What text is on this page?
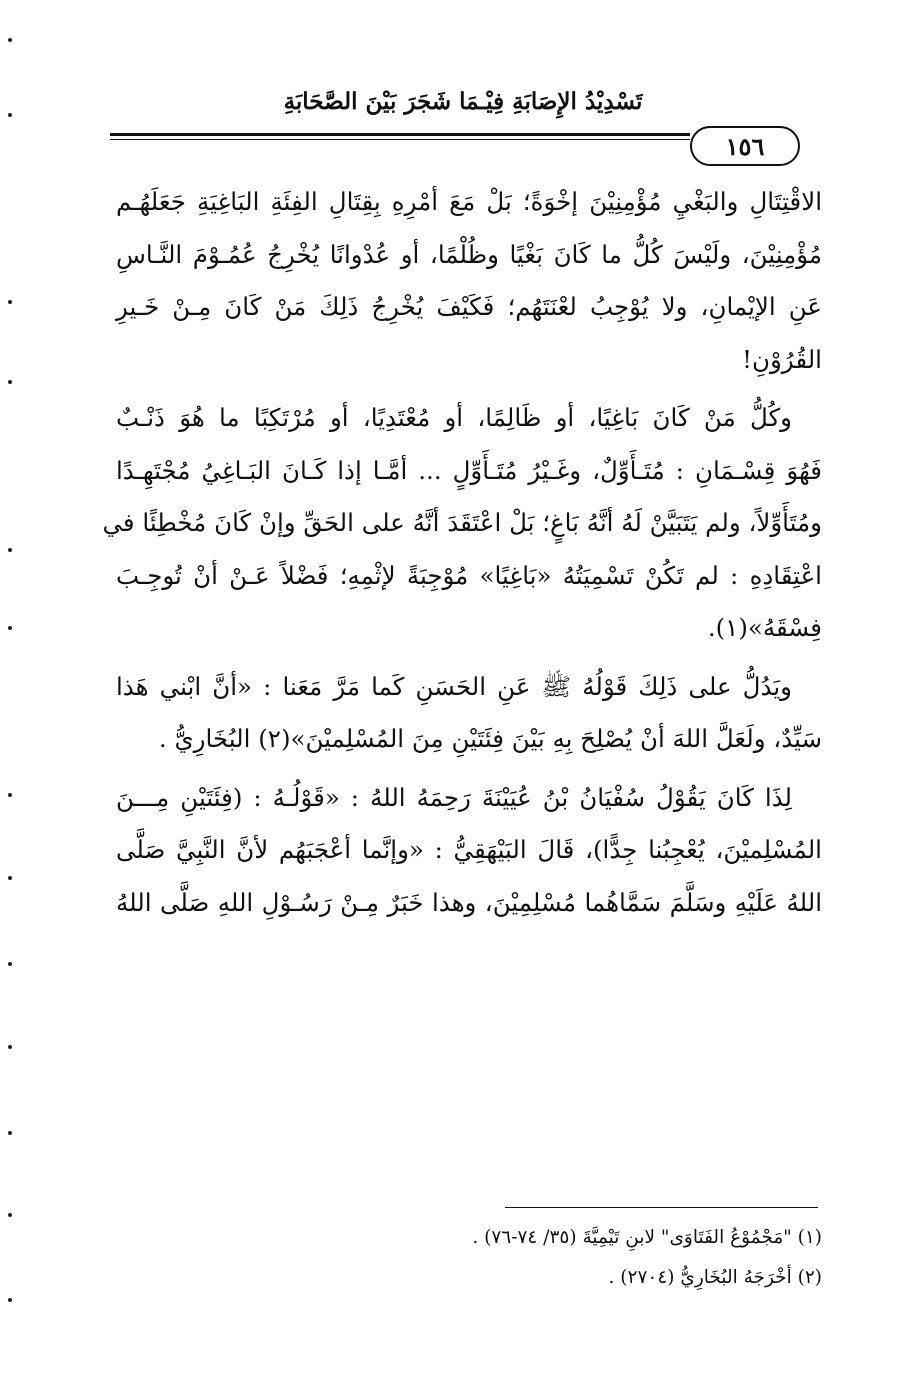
تَسْدِيْدُ الإِصَابَةِ فِيْـمَا شَجَرَ بَيْنَ الصَّحَابَةِ
١٥٦
الاقْتِتَالِ والبَغْيِ مُؤْمِنِيْنَ إخْوَةً؛ بَلْ مَعَ أمْرِهِ بِقِتَالِ الفِئَةِ البَاغِيَةِ جَعَلَهُـم
مُؤْمِنِيْنَ، ولَيْسَ كُلُّ ما كَانَ بَغْيًا وظُلْمًا، أو عُدْوانًا يُخْرِجُ عُمُـوْمَ النَّـاسِ
عَنِ الإيْمانِ، ولا يُوْجِبُ لعْنَتَهُم؛ فَكَيْفَ يُخْرِجُ ذَلِكَ مَنْ كَانَ مِـنْ خَـيرِ
القُرُوْنِ!
وكُلُّ مَنْ كَانَ بَاغِيًا، أو ظَالِمًا، أو مُعْتَدِيًا، أو مُرْتَكِبًا ما هُوَ ذَنْـبٌ
فَهُوَ قِسْـمَانِ : مُتَـأَوِّلٌ، وغَـيْرُ مُتَـأَوِّلٍ ... أمَّـا إذا كَـانَ البَـاغِيُ مُجْتَهِـدًا
ومُتَأَوِّلاً، ولم يَتَبَيَّنْ لَهُ أنَّهُ بَاغٍ؛ بَلْ اعْتَقَدَ أنَّهُ على الحَقِّ وإنْ كَانَ مُخْطِئًا في
اعْتِقَادِهِ : لم تَكُنْ تَسْمِيَتُهُ «بَاغِيًا» مُوْجِبَةً لإثْمِهِ؛ فَضْلاً عَـنْ أنْ تُوجِـبَ
فِسْقَهُ»(١).
ويَدُلُّ على ذَلِكَ قَوْلُهُ ﷺ عَنِ الحَسَنِ كَما مَرَّ مَعَنا : «أنَّ ابْني هَذا
سَيِّدٌ، ولَعَلَّ اللهَ أنْ يُصْلِحَ بِهِ بَيْنَ فِئَتَيْنِ مِنَ المُسْلِميْنَ»(٢) البُخَارِيُّ .
لِذَا كَانَ يَقُوْلُ سُفْيَانُ بْنُ عُيَيْنَةَ رَحِمَهُ اللهُ : «قَوْلُـهُ : (فِئَتَيْنِ مِـــنَ
المُسْلِميْنَ، يُعْجِبُنا جِدًّا)، قَالَ البَيْهَقِيُّ : «وإنَّما أعْجَبَهُم لأنَّ النَّبِيَّ صَلَّى
اللهُ عَلَيْهِ وسَلَّمَ سَمَّاهُما مُسْلِمِيْنَ، وهذا خَبَرٌ مِـنْ رَسُـوْلِ اللهِ صَلَّى اللهُ
(١) "مَجْمُوْعُ الفَتَاوَى" لابنِ تَيْمِيَّةَ (٣٥/ ٧٤-٧٦) .
(٢) أخْرَجَهُ البُخَارِيُّ (٢٧٠٤) .
